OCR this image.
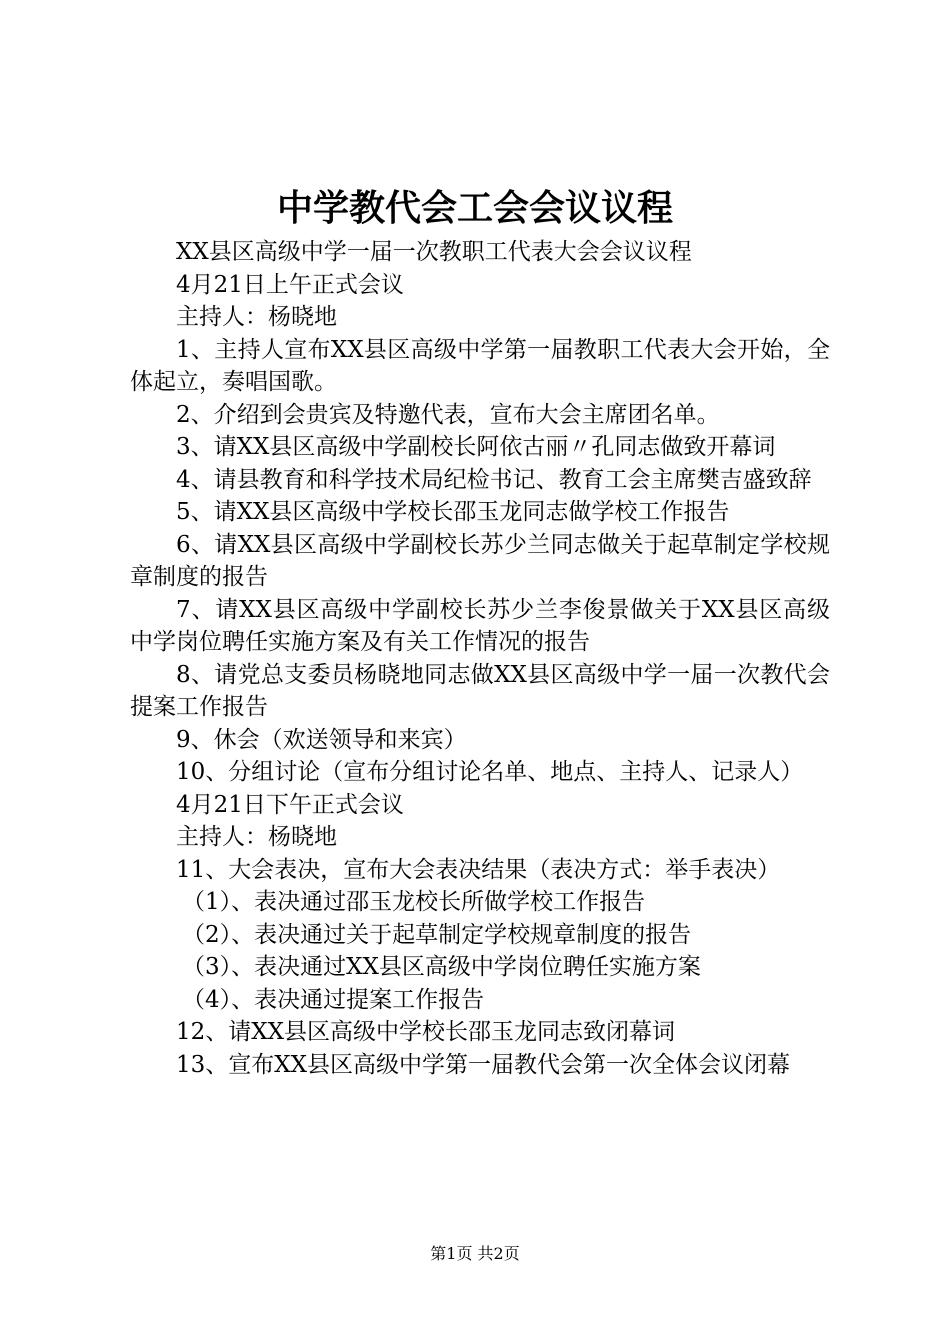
中学教代会工会会议议程

XX县区高级中学一届一次教职工代表大会会议议程

4月21日上午正式会议

主持人：杨晓地

1、主持人宣布XX县区高级中学第一届教职工代表大会开始，全体起立，奏唱国歌。

2、介绍到会贵宾及特邀代表，宣布大会主席团名单。

3、请XX县区高级中学副校长阿依古丽〃孔同志做致开幕词

4、请县教育和科学技术局纪检书记、教育工会主席樊吉盛致辞

5、请XX县区高级中学校长邵玉龙同志做学校工作报告

6、请XX县区高级中学副校长苏少兰同志做关于起草制定学校规章制度的报告

7、请XX县区高级中学副校长苏少兰李俊景做关于XX县区高级中学岗位聘任实施方案及有关工作情况的报告

8、请党总支委员杨晓地同志做XX县区高级中学一届一次教代会提案工作报告

9、休会（欢送领导和来宾）

10、分组讨论（宣布分组讨论名单、地点、主持人、记录人）

4月21日下午正式会议

主持人：杨晓地

11、大会表决，宣布大会表决结果（表决方式：举手表决）

（1）、表决通过邵玉龙校长所做学校工作报告

（2）、表决通过关于起草制定学校规章制度的报告

（3）、表决通过XX县区高级中学岗位聘任实施方案

（4）、表决通过提案工作报告

12、请XX县区高级中学校长邵玉龙同志致闭幕词

13、宣布XX县区高级中学第一届教代会第一次全体会议闭幕

第1页 共2页
